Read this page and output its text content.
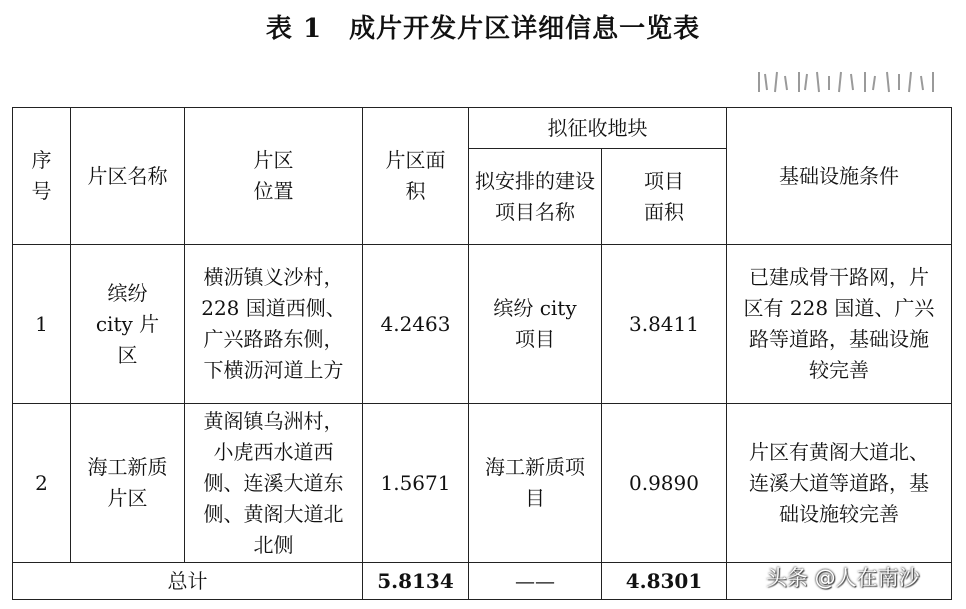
表 1　成片开发片区详细信息一览表
序号	片区名称	片区位置	片区面积	拟征收地块		基础设施条件
				拟安排的建设项目名称	项目面积	
1	缤纷 city 片区	横沥镇义沙村，228 国道西侧、广兴路路东侧，下横沥河道上方	4.2463	缤纷 city 项目	3.8411	已建成骨干路网，片区有 228 国道、广兴路等道路，基础设施较完善
2	海工新质片区	黄阁镇乌洲村，小虎西水道西侧、连溪大道东侧、黄阁大道北北侧	1.5671	海工新质项目	0.9890	片区有黄阁大道北、连溪大道等道路，基础设施较完善
总计			5.8134	——	4.8301		头条 @人在南沙
